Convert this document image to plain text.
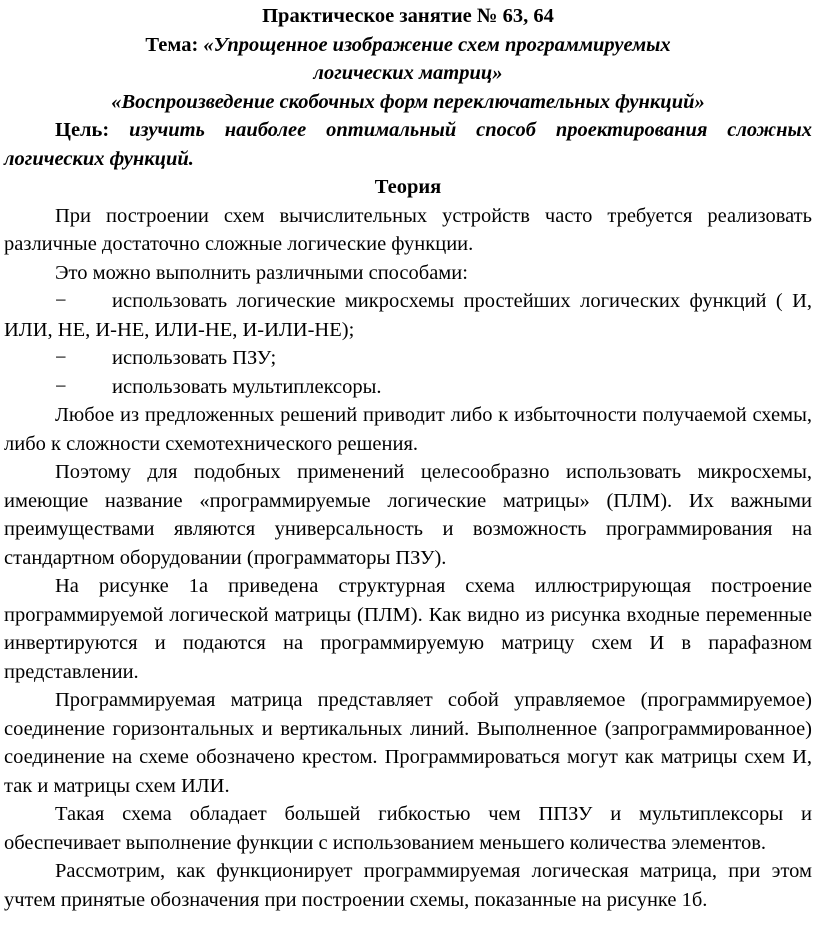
Практическое занятие № 63, 64

Тема: «Упрощенное изображение схем программируемых

логических матриц»

«Воспроизведение скобочных форм переключательных функций»

Цель: изучить наиболее оптимальный способ проектирования сложных логических функций.

Теория

При построении схем вычислительных устройств часто требуется реализовать различные достаточно сложные логические функции.

Это можно выполнить различными способами:

− использовать логические микросхемы простейших логических функций ( И, ИЛИ, НЕ, И-НЕ, ИЛИ-НЕ, И-ИЛИ-НЕ);
− использовать ПЗУ;
− использовать мультиплексоры.

Любое из предложенных решений приводит либо к избыточности получаемой схемы, либо к сложности схемотехнического решения.

Поэтому для подобных применений целесообразно использовать микросхемы, имеющие название «программируемые логические матрицы» (ПЛМ). Их важными преимуществами являются универсальность и возможность программирования на стандартном оборудовании (программаторы ПЗУ).

На рисунке 1а приведена структурная схема иллюстрирующая построение программируемой логической матрицы (ПЛМ). Как видно из рисунка входные переменные инвертируются и подаются на программируемую матрицу схем И в парафазном представлении.

Программируемая матрица представляет собой управляемое (программируемое) соединение горизонтальных и вертикальных линий. Выполненное (запрограммированное) соединение на схеме обозначено крестом. Программироваться могут как матрицы схем И, так и матрицы схем ИЛИ.

Такая схема обладает большей гибкостью чем ППЗУ и мультиплексоры и обеспечивает выполнение функции с использованием меньшего количества элементов.

Рассмотрим, как функционирует программируемая логическая матрица, при этом учтем принятые обозначения при построении схемы, показанные на рисунке 1б.
